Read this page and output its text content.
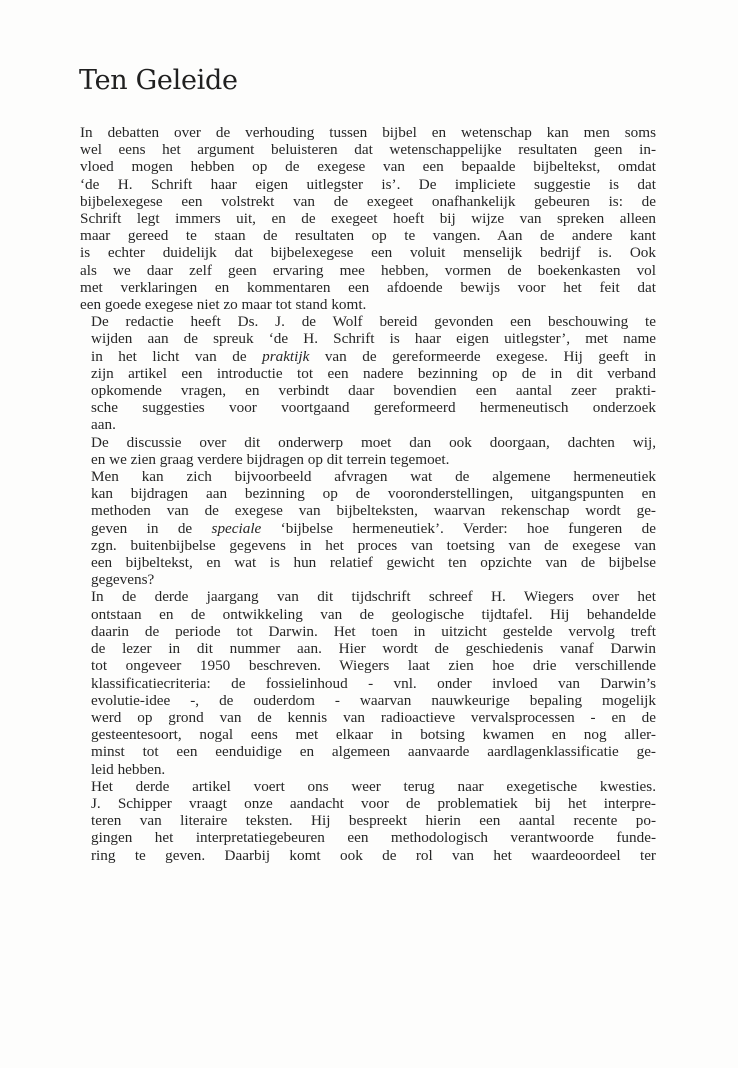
Ten Geleide

In debatten over de verhouding tussen bijbel en wetenschap kan men soms
wel eens het argument beluisteren dat wetenschappelijke resultaten geen in-
vloed mogen hebben op de exegese van een bepaalde bijbeltekst, omdat
‘de H. Schrift haar eigen uitlegster is’. De impliciete suggestie is dat
bijbelexegese een volstrekt van de exegeet onafhankelijk gebeuren is: de
Schrift legt immers uit, en de exegeet hoeft bij wijze van spreken alleen
maar gereed te staan de resultaten op te vangen. Aan de andere kant
is echter duidelijk dat bijbelexegese een voluit menselijk bedrijf is. Ook
als we daar zelf geen ervaring mee hebben, vormen de boekenkasten vol
met verklaringen en kommentaren een afdoende bewijs voor het feit dat
een goede exegese niet zo maar tot stand komt.

De redactie heeft Ds. J. de Wolf bereid gevonden een beschouwing te
wijden aan de spreuk ‘de H. Schrift is haar eigen uitlegster’, met name
in het licht van de praktijk van de gereformeerde exegese. Hij geeft in
zijn artikel een introductie tot een nadere bezinning op de in dit verband
opkomende vragen, en verbindt daar bovendien een aantal zeer prakti-
sche suggesties voor voortgaand gereformeerd hermeneutisch onderzoek
aan.

De discussie over dit onderwerp moet dan ook doorgaan, dachten wij,
en we zien graag verdere bijdragen op dit terrein tegemoet.

Men kan zich bijvoorbeeld afvragen wat de algemene hermeneutiek
kan bijdragen aan bezinning op de vooronderstellingen, uitgangspunten en
methoden van de exegese van bijbelteksten, waarvan rekenschap wordt ge-
geven in de speciale ‘bijbelse hermeneutiek’. Verder: hoe fungeren de
zgn. buitenbijbelse gegevens in het proces van toetsing van de exegese van
een bijbeltekst, en wat is hun relatief gewicht ten opzichte van de bijbelse
gegevens?

In de derde jaargang van dit tijdschrift schreef H. Wiegers over het
ontstaan en de ontwikkeling van de geologische tijdtafel. Hij behandelde
daarin de periode tot Darwin. Het toen in uitzicht gestelde vervolg treft
de lezer in dit nummer aan. Hier wordt de geschiedenis vanaf Darwin
tot ongeveer 1950 beschreven. Wiegers laat zien hoe drie verschillende
klassificatiecriteria: de fossielinhoud - vnl. onder invloed van Darwin’s
evolutie-idee -, de ouderdom - waarvan nauwkeurige bepaling mogelijk
werd op grond van de kennis van radioactieve vervalsprocessen - en de
gesteentesoort, nogal eens met elkaar in botsing kwamen en nog aller-
minst tot een eenduidige en algemeen aanvaarde aardlagenklassificatie ge-
leid hebben.

Het derde artikel voert ons weer terug naar exegetische kwesties.
J. Schipper vraagt onze aandacht voor de problematiek bij het interpre-
teren van literaire teksten. Hij bespreekt hierin een aantal recente po-
gingen het interpretatiegebeuren een methodologisch verantwoorde funde-
ring te geven. Daarbij komt ook de rol van het waardeoordeel ter
